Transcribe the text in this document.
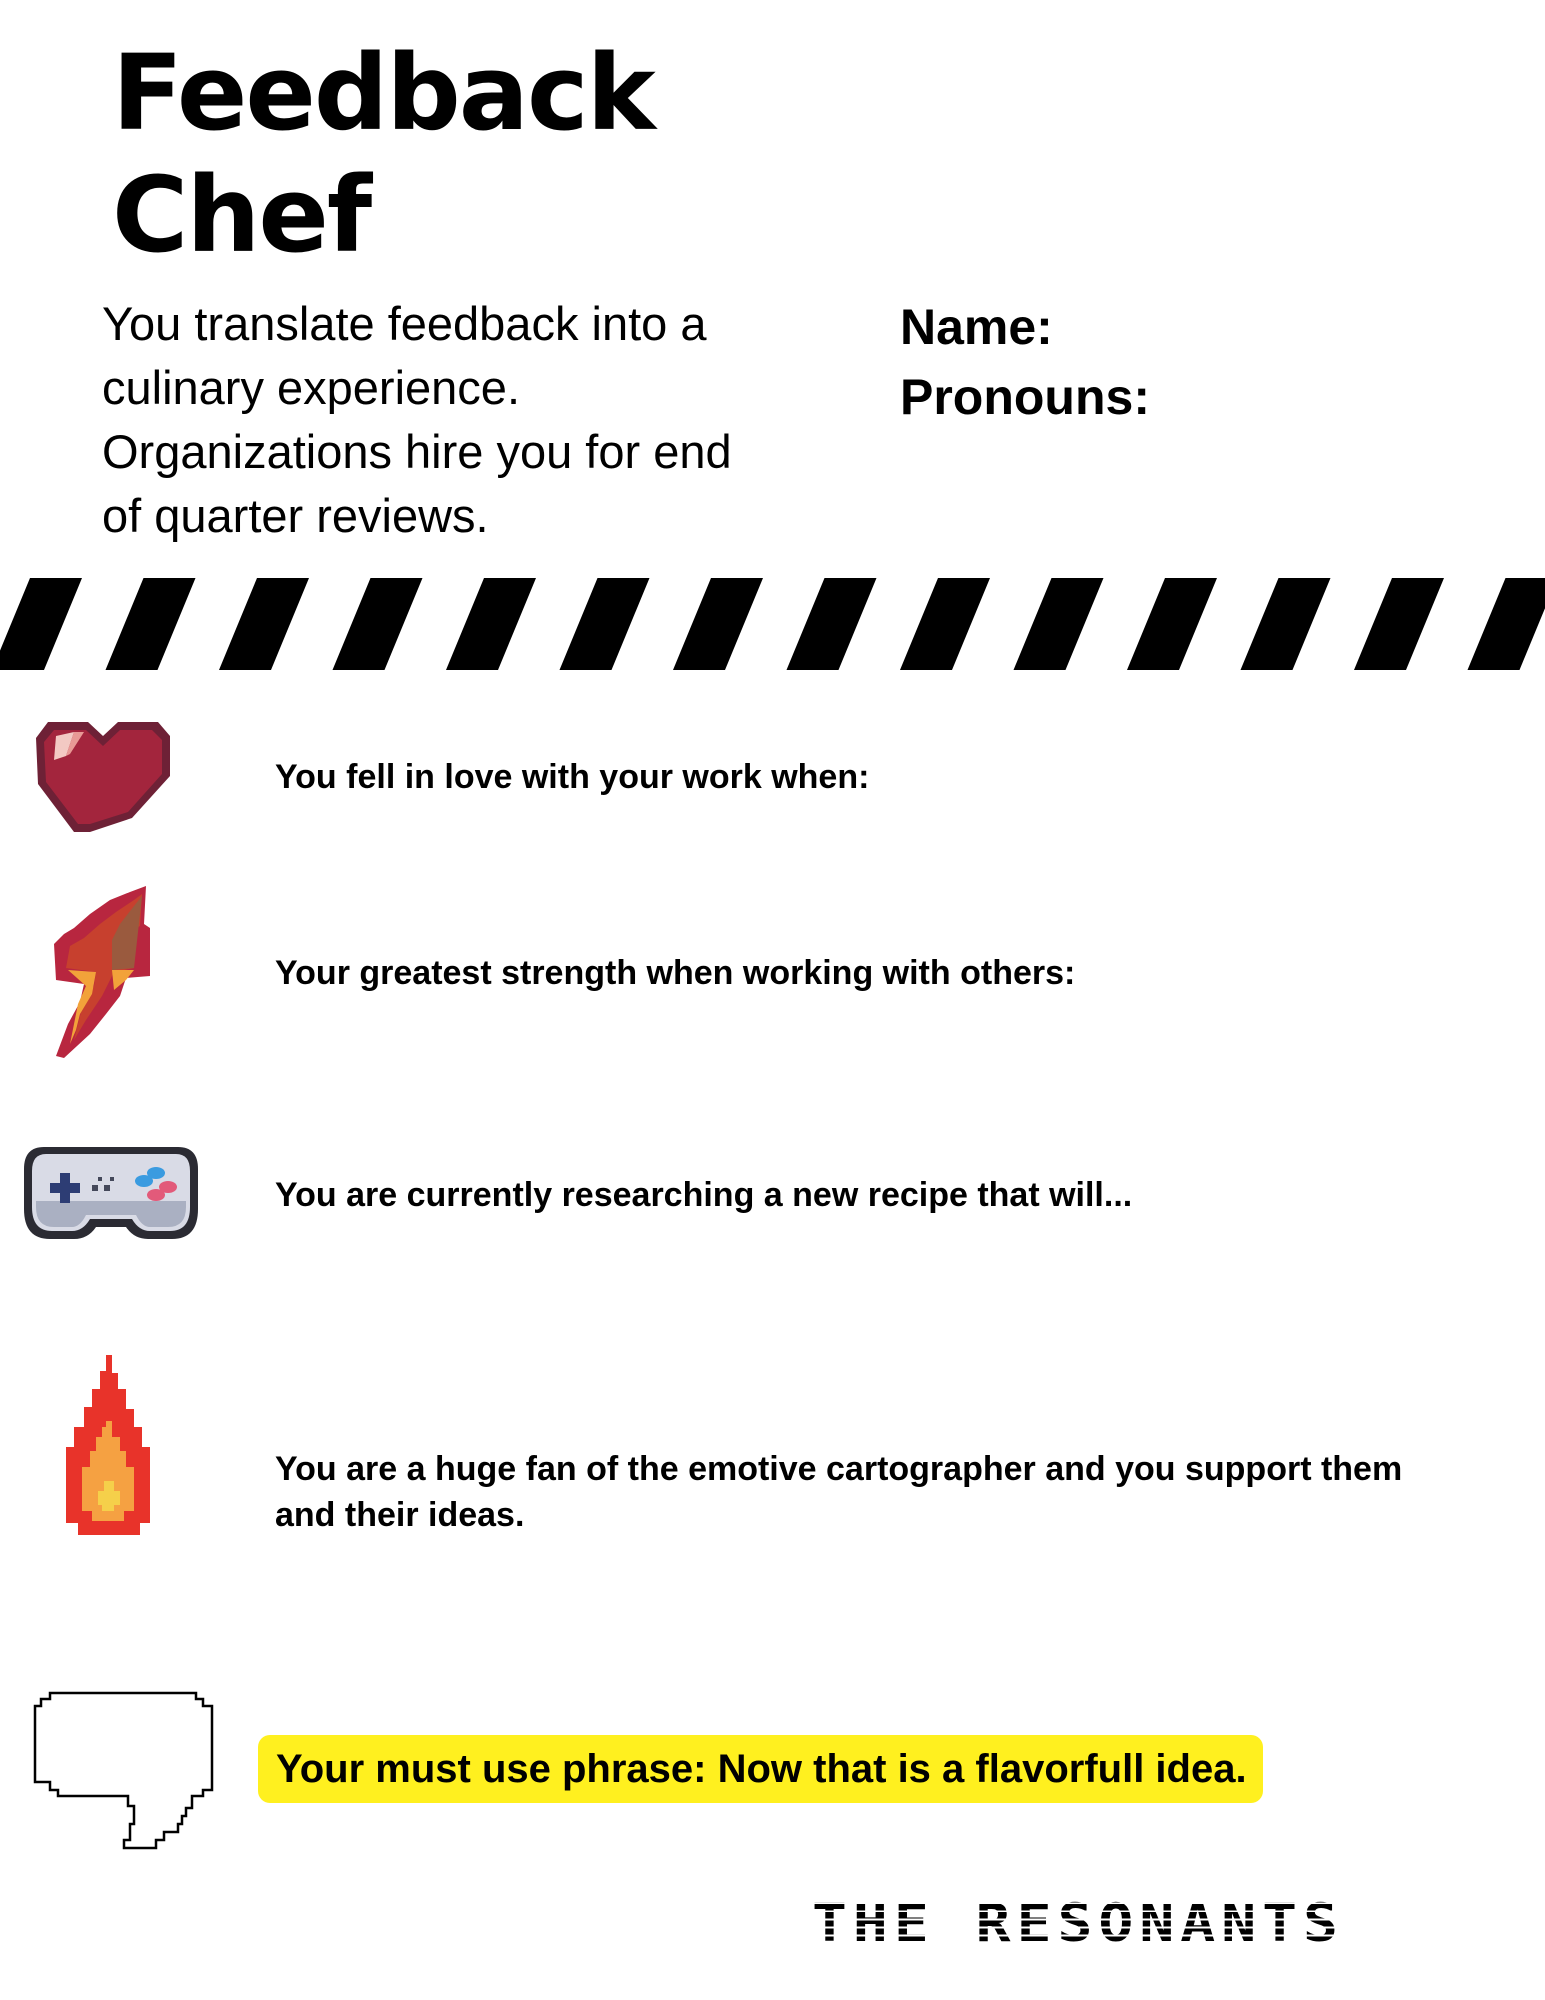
Feedback
Chef
You translate feedback into a
culinary experience.
Organizations hire you for end
of quarter reviews.
Name:
Pronouns:
You fell in love with your work when:
Your greatest strength when working with others:
You are currently researching a new recipe that will...
You are a huge fan of the emotive cartographer and you support them and their ideas.
Your must use phrase: Now that is a flavorfull idea.
THE RESONANTS
